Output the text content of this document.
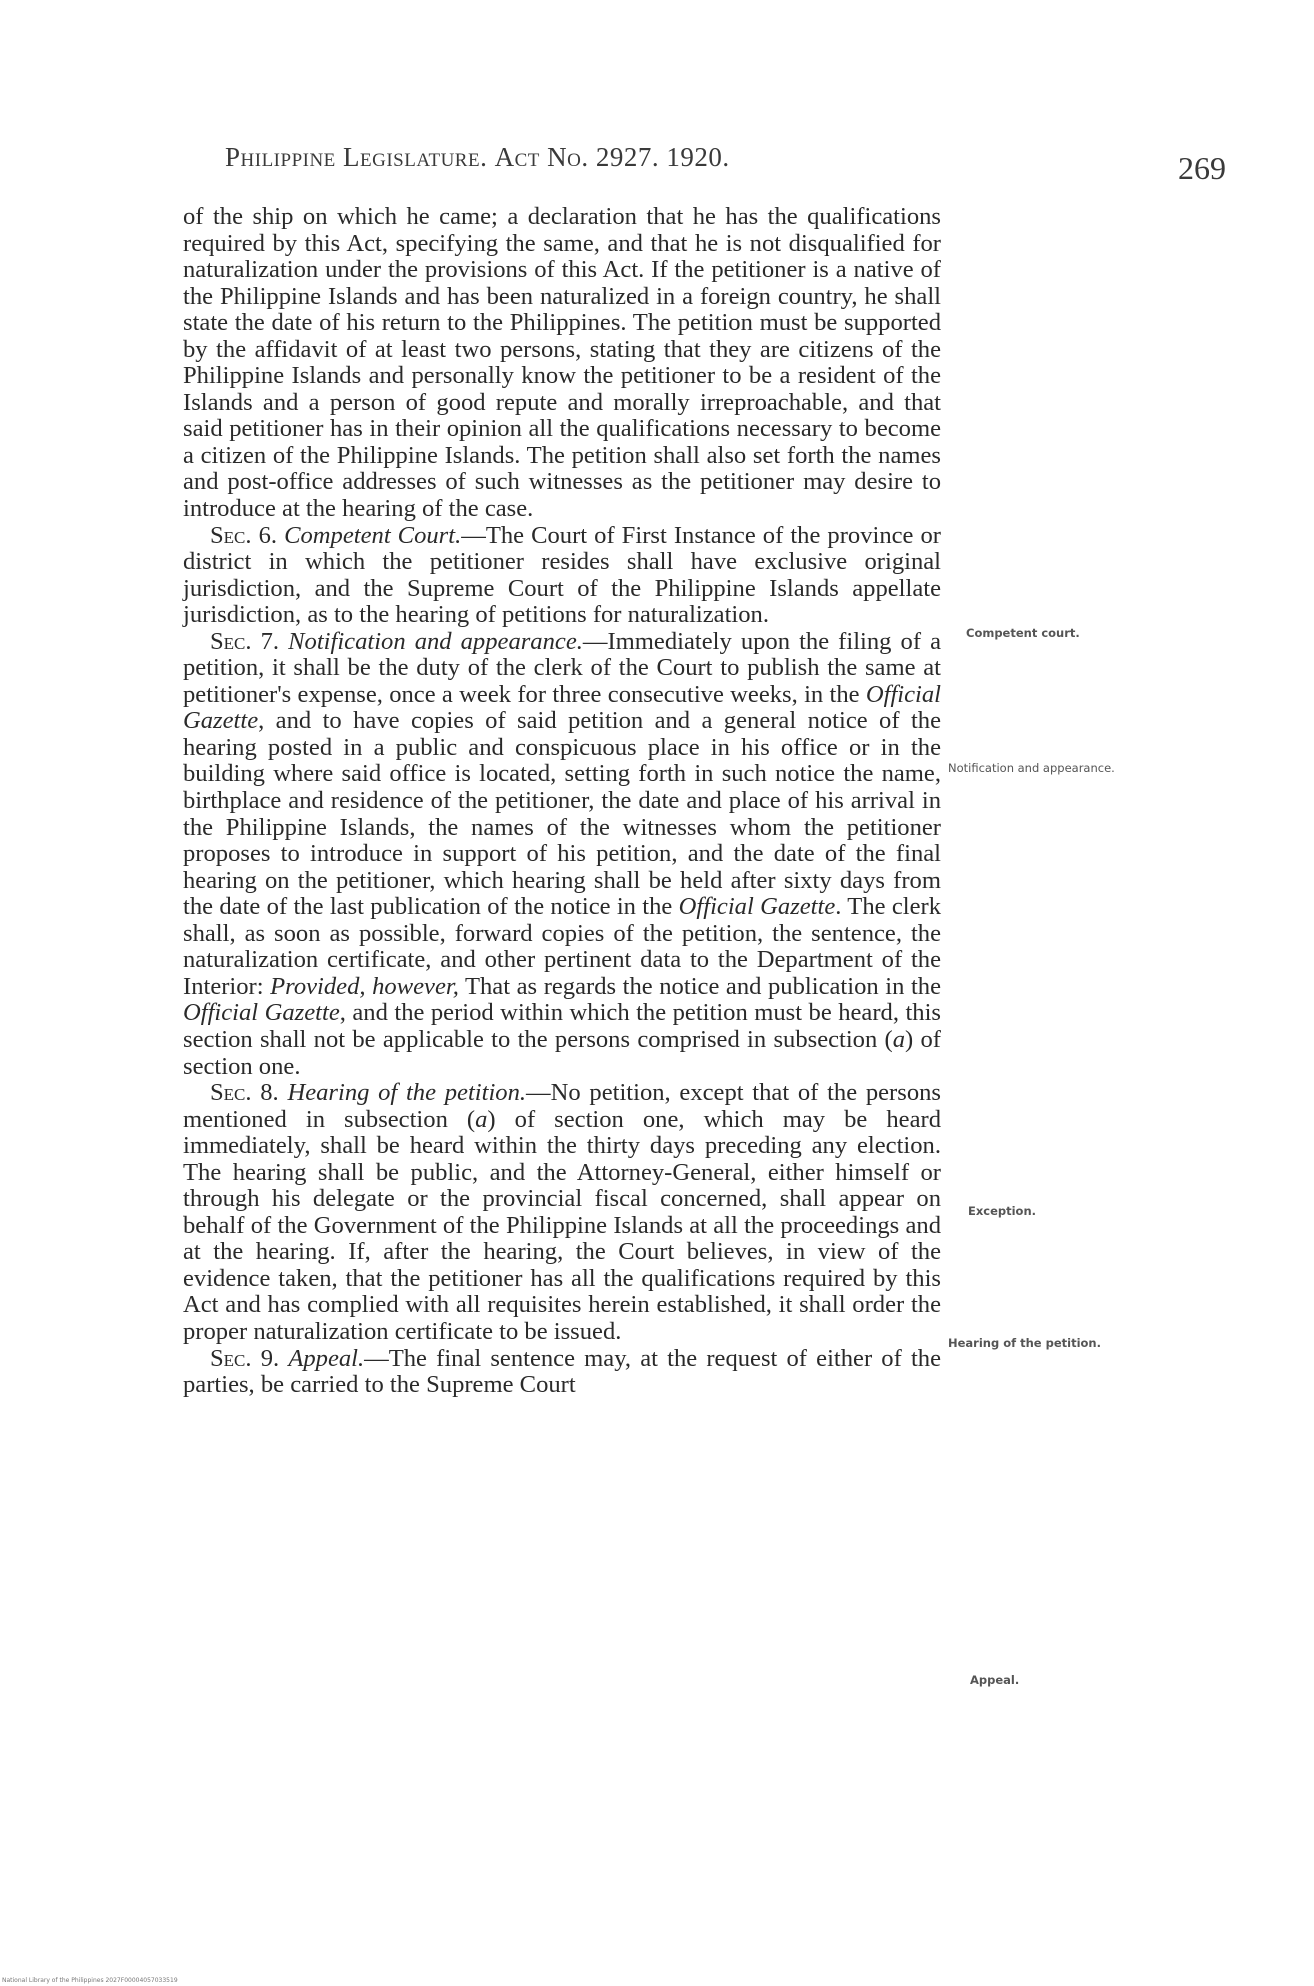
Philippine Legislature. Act No. 2927. 1920.	269

of the ship on which he came; a declaration that he has the qualifications required by this Act, specifying the same, and that he is not disqualified for naturalization under the provisions of this Act. If the petitioner is a native of the Philippine Islands and has been naturalized in a foreign country, he shall state the date of his return to the Philippines. The petition must be supported by the affidavit of at least two persons, stating that they are citizens of the Philippine Islands and personally know the petitioner to be a resident of the Islands and a person of good repute and morally irreproachable, and that said petitioner has in their opinion all the qualifications necessary to become a citizen of the Philippine Islands. The petition shall also set forth the names and post-office addresses of such witnesses as the petitioner may desire to introduce at the hearing of the case.

Sec. 6. Competent Court.—The Court of First Instance of the province or district in which the petitioner resides shall have exclusive original jurisdiction, and the Supreme Court of the Philippine Islands appellate jurisdiction, as to the hearing of petitions for naturalization.

Sec. 7. Notification and appearance.—Immediately upon the filing of a petition, it shall be the duty of the clerk of the Court to publish the same at petitioner's expense, once a week for three consecutive weeks, in the Official Gazette, and to have copies of said petition and a general notice of the hearing posted in a public and conspicuous place in his office or in the building where said office is located, setting forth in such notice the name, birthplace and residence of the petitioner, the date and place of his arrival in the Philippine Islands, the names of the witnesses whom the petitioner proposes to introduce in support of his petition, and the date of the final hearing on the petitioner, which hearing shall be held after sixty days from the date of the last publication of the notice in the Official Gazette. The clerk shall, as soon as possible, forward copies of the petition, the sentence, the naturalization certificate, and other pertinent data to the Department of the Interior: Provided, however, That as regards the notice and publication in the Official Gazette, and the period within which the petition must be heard, this section shall not be applicable to the persons comprised in subsection (a) of section one.

Sec. 8. Hearing of the petition.—No petition, except that of the persons mentioned in subsection (a) of section one, which may be heard immediately, shall be heard within the thirty days preceding any election. The hearing shall be public, and the Attorney-General, either himself or through his delegate or the provincial fiscal concerned, shall appear on behalf of the Government of the Philippine Islands at all the proceedings and at the hearing. If, after the hearing, the Court believes, in view of the evidence taken, that the petitioner has all the qualifications required by this Act and has complied with all requisites herein established, it shall order the proper naturalization certificate to be issued.

Sec. 9. Appeal.—The final sentence may, at the request of either of the parties, be carried to the Supreme Court

Competent court.
Notification and appearance.
Exception.
Hearing of the petition.
Appeal.
National Library of the Philippines 2027F00004057033519
